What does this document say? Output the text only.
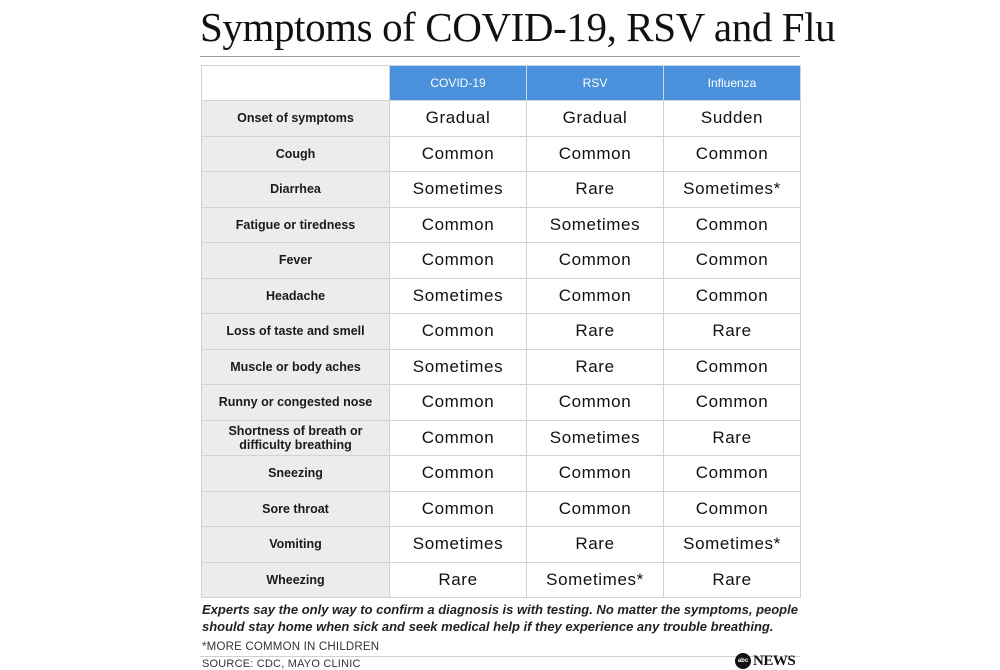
Symptoms of COVID-19, RSV and Flu
	COVID-19	RSV	Influenza
Onset of symptoms	Gradual	Gradual	Sudden
Cough	Common	Common	Common
Diarrhea	Sometimes	Rare	Sometimes*
Fatigue or tiredness	Common	Sometimes	Common
Fever	Common	Common	Common
Headache	Sometimes	Common	Common
Loss of taste and smell	Common	Rare	Rare
Muscle or body aches	Sometimes	Rare	Common
Runny or congested nose	Common	Common	Common
Shortness of breath or difficulty breathing	Common	Sometimes	Rare
Sneezing	Common	Common	Common
Sore throat	Common	Common	Common
Vomiting	Sometimes	Rare	Sometimes*
Wheezing	Rare	Sometimes*	Rare
Experts say the only way to confirm a diagnosis is with testing. No matter the symptoms, people should stay home when sick and seek medical help if they experience any trouble breathing.
*MORE COMMON IN CHILDREN
SOURCE: CDC, MAYO CLINIC	abc NEWS
